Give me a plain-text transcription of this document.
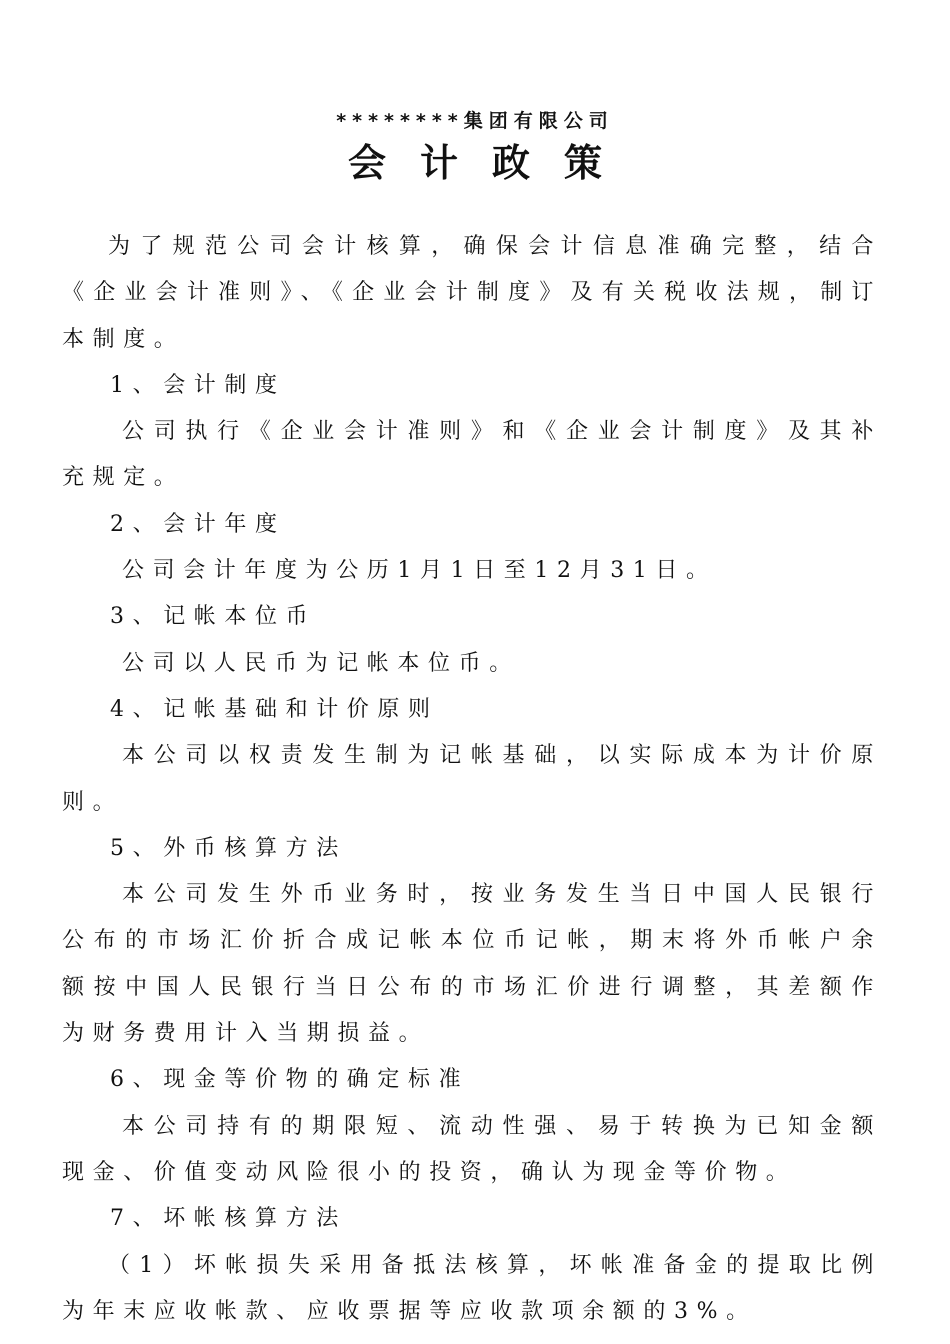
********集团有限公司
会计政策

为了规范公司会计核算，确保会计信息准确完整，结合《企业会计准则》、《企业会计制度》及有关税收法规，制订本制度。

1、会计制度

公司执行《企业会计准则》和《企业会计制度》及其补充规定。

2、会计年度

公司会计年度为公历1月1日至12月31日。

3、记帐本位币

公司以人民币为记帐本位币。

4、记帐基础和计价原则

本公司以权责发生制为记帐基础，以实际成本为计价原则。

5、外币核算方法

本公司发生外币业务时，按业务发生当日中国人民银行公布的市场汇价折合成记帐本位币记帐，期末将外币帐户余额按中国人民银行当日公布的市场汇价进行调整，其差额作为财务费用计入当期损益。

6、现金等价物的确定标准

本公司持有的期限短、流动性强、易于转换为已知金额现金、价值变动风险很小的投资，确认为现金等价物。

7、坏帐核算方法

（1）坏帐损失采用备抵法核算，坏帐准备金的提取比例为年末应收帐款、应收票据等应收款项余额的3%。
